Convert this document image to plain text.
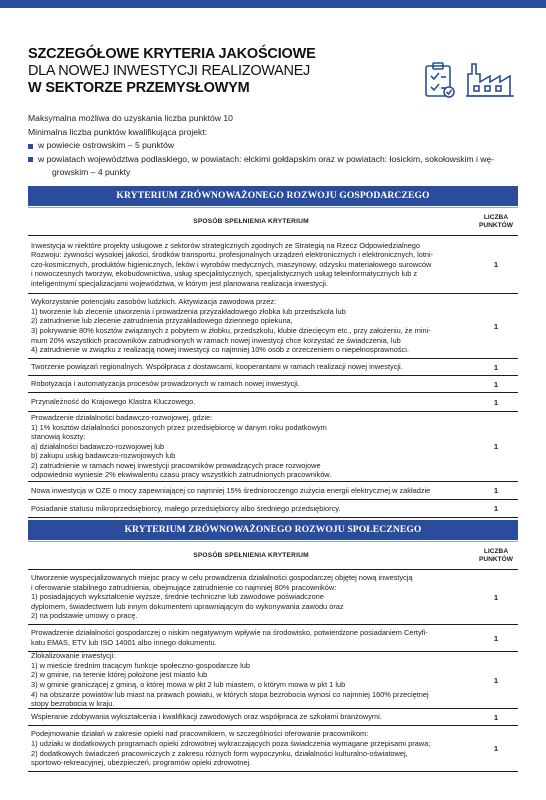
SZCZEGÓŁOWE KRYTERIA JAKOŚCIOWE
DLA NOWEJ INWESTYCJI REALIZOWANEJ
W SEKTORZE PRZEMYSŁOWYM
Maksymalna możliwa do uzyskania liczba punktów 10
Minimalna liczba punktów kwalifikująca projekt:
w powiecie ostrowskim – 5 punktów
w powiatach województwa podlaskiego, w powiatach: ełckimi gołdapskim oraz w powiatach: łosickim, sokołowskim i wę-
growskim – 4 punkty
KRYTERIUM ZRÓWNOWAŻONEGO ROZWOJU GOSPODARCZEGO
SPOSÓB SPEŁNIENIA KRYTERIUM
LICZBA
PUNKTÓW
Inwestycja w niektóre projekty usługowe z sektorów strategicznych zgodnych ze Strategią na Rzecz Odpowiedzialnego
Rozwoju: żywności wysokiej jakości, środków transportu, profesjonalnych urządzeń elektronicznych i elektronicznych, lotni-
czo-kosmicznych, produktów higienicznych, leków i wyrobów medycznych, maszynowy, odzysku materiałowego surowców
i nowoczesnych tworzyw, ekobudownictwa, usług specjalistycznych, specjalistycznych usług teleinformatycznych lub z
inteligentnymi specjalizacjami województwa, w którym jest planowana realizacja inwestycji.
1
Wykorzystanie potencjału zasobów ludzkich. Aktywizacja zawodowa przez:
1) tworzenie lub zlecenie utworzenia i prowadzenia przyzakładowego żłobka lub przedszkola lub
2) zatrudnienie lub zlecenie zatrudnienia przyzakładowego dziennego opiekuna,
3) pokrywanie 80% kosztów związanych z pobytem w żłobku, przedszkolu, klubie dziecięcym etc., przy założeniu, że mini-
mum 20% wszystkich pracowników zatrudnionych w ramach nowej inwestycji chce korzystać ze świadczenia, lub
4) zatrudnienie w związku z realizacją nowej inwestycji co najmniej 10% osób z orzeczeniem o niepełnosprawności.
1
Tworzenie powiązań regionalnych. Współpraca z dostawcami, kooperantami w ramach realizacji nowej inwestycji.	1
Robotyzacja i automatyzacja procesów prowadzonych w ramach nowej inwestycji.	1
Przynależność do Krajowego Klastra Kluczowego.	1
Prowadzenie działalności badawczo-rozwojowej, gdzie:
1) 1% kosztów działalności ponoszonych przez przedsiębiorcę w danym roku podatkowym
stanowią koszty:
a) działalności badawczo-rozwojowej lub
b) zakupu usług badawczo-rozwojowych lub
2) zatrudnienie w ramach nowej inwestycji pracowników prowadzących prace rozwojowe
odpowiednio wyniesie 2% ekwiwalentu czasu pracy wszystkich zatrudnionych pracowników.
1
Nowa inwestycja w OZE o mocy zapewniającej co najmniej 15% średnioroczengo zużycia energii elektrycznej w zakładzie	1
Posiadanie statusu mikroprzedsiębiorcy, małego przedsiębiorcy albo średniego przedsiębiorcy.	1
KRYTERIUM ZRÓWNOWAŻONEGO ROZWOJU SPOŁECZNEGO
SPOSÓB SPEŁNIENIA KRYTERIUM
LICZBA
PUNKTÓW
Utworzenie wyspecjalizowanych miejsc pracy w celu prowadzenia działalności gospodarczej objętej nową inwestycją
i oferowanie stabilnego zatrudnienia, obejmujące zatrudnienie co najmniej 80% pracowników:
1) posiadających wykształcenie wyższe, średnie techniczne lub zawodowe poświadczone
dyplomem, świadectwem lub innym dokumentem uprawniającym do wykonywania zawodu oraz
2) na podstawie umowy o pracę.
1
Prowadzenie działalności gospodarczej o niskim negatywnym wpływie na środowisko, potwierdzone posiadaniem Certyfi-
katu EMAS, ETV lub ISO 14001 albo innego dokumentu.	1
Zlokalizowanie inwestycji:
1) w mieście średnim tracącym funkcje społeczno-gospodarcze lub
2) w gminie, na terenie której położone jest miasto lub
3) w gminie graniczącej z gminą, o której mowa w pkt 2 lub miastem, o którym mowa w pkt 1 lub
4) na obszarze powiatów lub miast na prawach powiatu, w których stopa bezrobocia wynosi co najmniej 160% przeciętnej
stopy bezrobocia w kraju.
1
Wspieranie zdobywania wykształcenia i kwalifikacji zawodowych oraz współpraca ze szkołami branżowymi.	1
Podejmowanie działań w zakresie opieki nad pracownikiem, w szczególności oferowanie pracownikom:
1) udziału w dodatkowych programach opieki zdrowotnej wykraczających poza świadczenia wymagane przepisami prawa;
2) dodatkowych świadczeń pracowniczych z zakresu różnych form wypoczynku, działalności kulturalno-oświatowej,
sportowo-rekreacyjnej, ubezpieczeń, programów opieki zdrowotnej.
1
